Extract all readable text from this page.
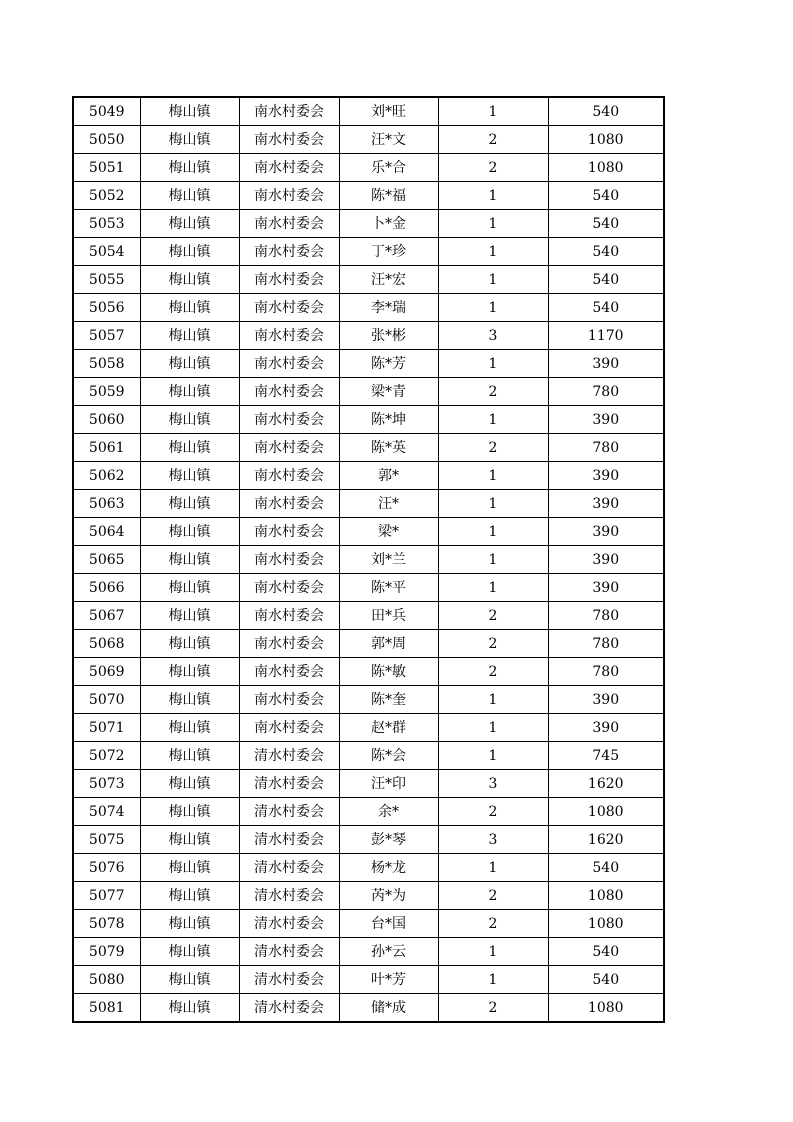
5049	梅山镇	南水村委会	刘*旺	1	540
5050	梅山镇	南水村委会	汪*文	2	1080
5051	梅山镇	南水村委会	乐*合	2	1080
5052	梅山镇	南水村委会	陈*福	1	540
5053	梅山镇	南水村委会	卜*金	1	540
5054	梅山镇	南水村委会	丁*珍	1	540
5055	梅山镇	南水村委会	汪*宏	1	540
5056	梅山镇	南水村委会	李*瑞	1	540
5057	梅山镇	南水村委会	张*彬	3	1170
5058	梅山镇	南水村委会	陈*芳	1	390
5059	梅山镇	南水村委会	梁*青	2	780
5060	梅山镇	南水村委会	陈*坤	1	390
5061	梅山镇	南水村委会	陈*英	2	780
5062	梅山镇	南水村委会	郭*	1	390
5063	梅山镇	南水村委会	汪*	1	390
5064	梅山镇	南水村委会	梁*	1	390
5065	梅山镇	南水村委会	刘*兰	1	390
5066	梅山镇	南水村委会	陈*平	1	390
5067	梅山镇	南水村委会	田*兵	2	780
5068	梅山镇	南水村委会	郭*周	2	780
5069	梅山镇	南水村委会	陈*敏	2	780
5070	梅山镇	南水村委会	陈*奎	1	390
5071	梅山镇	南水村委会	赵*群	1	390
5072	梅山镇	清水村委会	陈*会	1	745
5073	梅山镇	清水村委会	汪*印	3	1620
5074	梅山镇	清水村委会	余*	2	1080
5075	梅山镇	清水村委会	彭*琴	3	1620
5076	梅山镇	清水村委会	杨*龙	1	540
5077	梅山镇	清水村委会	芮*为	2	1080
5078	梅山镇	清水村委会	台*国	2	1080
5079	梅山镇	清水村委会	孙*云	1	540
5080	梅山镇	清水村委会	叶*芳	1	540
5081	梅山镇	清水村委会	储*成	2	1080
